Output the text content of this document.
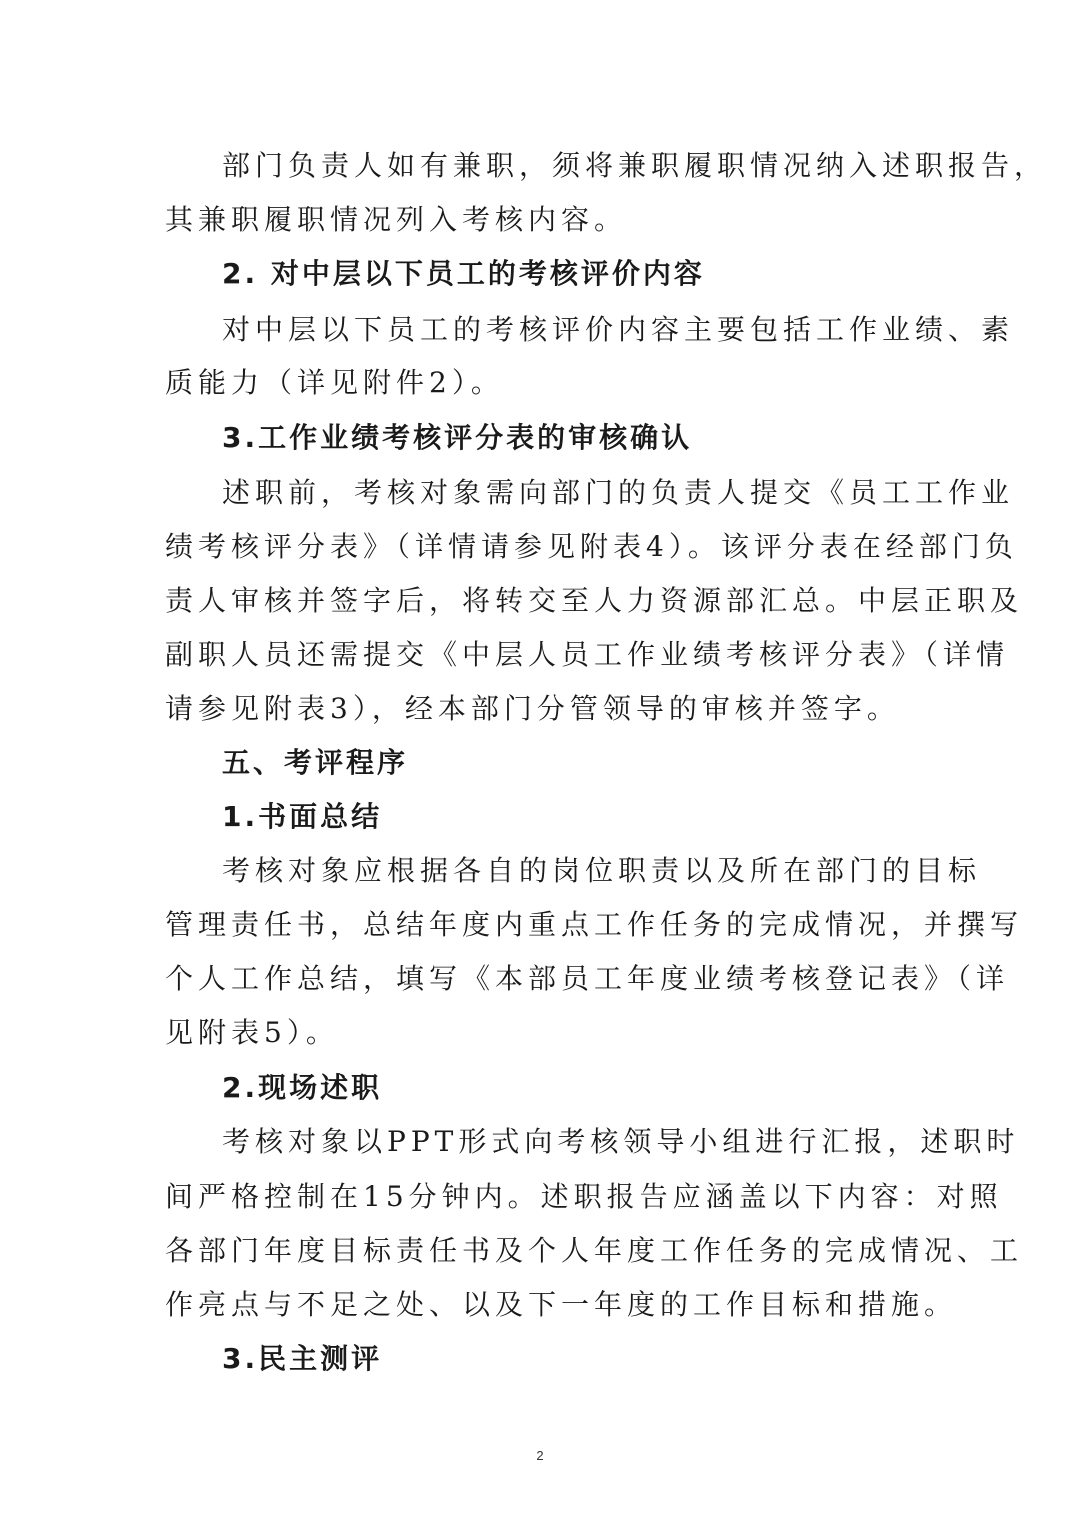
部门负责人如有兼职，须将兼职履职情况纳入述职报告，

其兼职履职情况列入考核内容。

2. 对中层以下员工的考核评价内容

对中层以下员工的考核评价内容主要包括工作业绩、素

质能力（详见附件2）。

3.工作业绩考核评分表的审核确认

述职前，考核对象需向部门的负责人提交《员工工作业

绩考核评分表》（详情请参见附表4）。该评分表在经部门负

责人审核并签字后，将转交至人力资源部汇总。中层正职及

副职人员还需提交《中层人员工作业绩考核评分表》（详情

请参见附表3），经本部门分管领导的审核并签字。

五、考评程序
1.书面总结

考核对象应根据各自的岗位职责以及所在部门的目标

管理责任书，总结年度内重点工作任务的完成情况，并撰写

个人工作总结，填写《本部员工年度业绩考核登记表》（详

见附表5）。

2.现场述职

考核对象以PPT形式向考核领导小组进行汇报，述职时

间严格控制在15分钟内。述职报告应涵盖以下内容：对照

各部门年度目标责任书及个人年度工作任务的完成情况、工

作亮点与不足之处、以及下一年度的工作目标和措施。

3.民主测评
2
